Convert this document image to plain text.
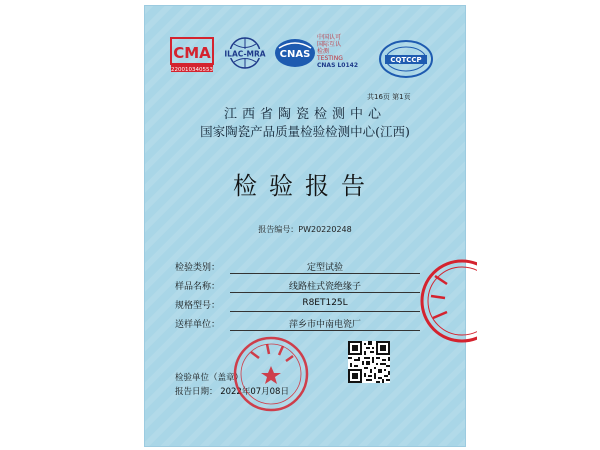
CMA
220010340553
ILAC-MRA CNAS
中国认可
国际互认
检测
TESTING
CNAS L0142
CQTCCP
共16页 第1页
江西省陶瓷检测中心
国家陶瓷产品质量检验检测中心(江西)
检验报告
报告编号：PW20220248
检验类别：	定型试验
样品名称：	线路柱式瓷绝缘子
规格型号：	R8ET125L
送样单位：	萍乡市中南电瓷厂
检验单位（盖章）
报告日期： 2022年07月08日
